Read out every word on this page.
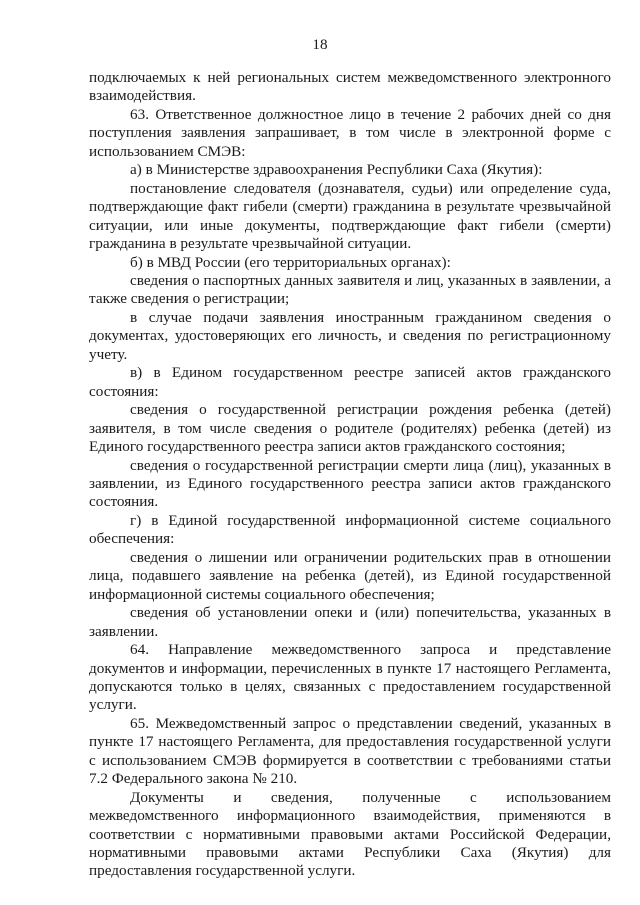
18

подключаемых к ней региональных систем межведомственного электронного взаимодействия.

63. Ответственное должностное лицо в течение 2 рабочих дней со дня поступления заявления запрашивает, в том числе в электронной форме с использованием СМЭВ:

а) в Министерстве здравоохранения Республики Саха (Якутия):

постановление следователя (дознавателя, судьи) или определение суда, подтверждающие факт гибели (смерти) гражданина в результате чрезвычайной ситуации, или иные документы, подтверждающие факт гибели (смерти) гражданина в результате чрезвычайной ситуации.

б) в МВД России (его территориальных органах):

сведения о паспортных данных заявителя и лиц, указанных в заявлении, а также сведения о регистрации;

в случае подачи заявления иностранным гражданином сведения о документах, удостоверяющих его личность, и сведения по регистрационному учету.

в) в Едином государственном реестре записей актов гражданского состояния:

сведения о государственной регистрации рождения ребенка (детей) заявителя, в том числе сведения о родителе (родителях) ребенка (детей) из Единого государственного реестра записи актов гражданского состояния;

сведения о государственной регистрации смерти лица (лиц), указанных в заявлении, из Единого государственного реестра записи актов гражданского состояния.

г) в Единой государственной информационной системе социального обеспечения:

сведения о лишении или ограничении родительских прав в отношении лица, подавшего заявление на ребенка (детей), из Единой государственной информационной системы социального обеспечения;

сведения об установлении опеки и (или) попечительства, указанных в заявлении.

64. Направление межведомственного запроса и представление документов и информации, перечисленных в пункте 17 настоящего Регламента, допускаются только в целях, связанных с предоставлением государственной услуги.

65. Межведомственный запрос о представлении сведений, указанных в пункте 17 настоящего Регламента, для предоставления государственной услуги с использованием СМЭВ формируется в соответствии с требованиями статьи 7.2 Федерального закона № 210.

Документы и сведения, полученные с использованием межведомственного информационного взаимодействия, применяются в соответствии с нормативными правовыми актами Российской Федерации, нормативными правовыми актами Республики Саха (Якутия) для предоставления государственной услуги.
